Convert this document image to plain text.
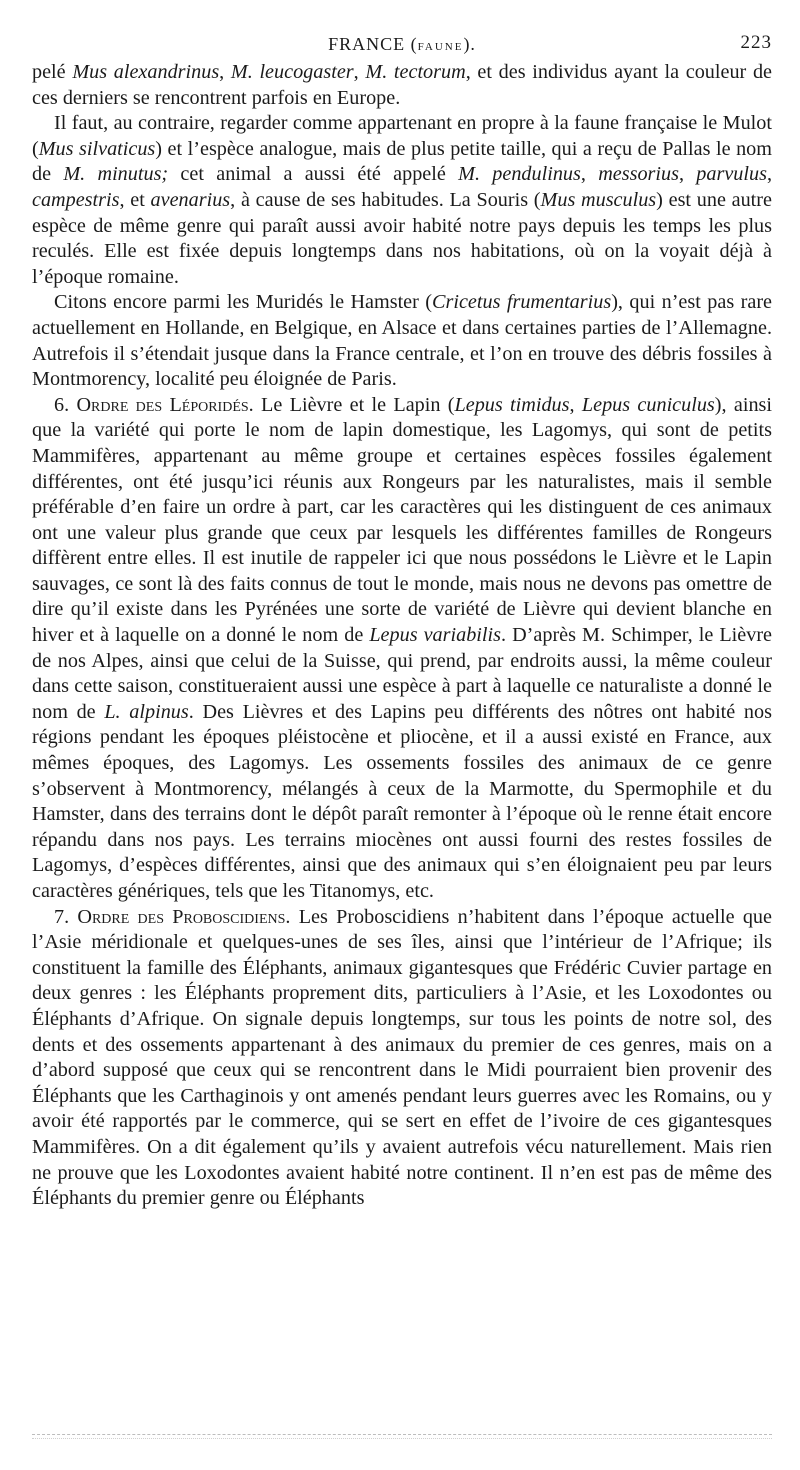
FRANCE (faune).	223

pelé Mus alexandrinus, M. leucogaster, M. tectorum, et des individus ayant la couleur de ces derniers se rencontrent parfois en Europe.

Il faut, au contraire, regarder comme appartenant en propre à la faune française le Mulot (Mus silvaticus) et l’espèce analogue, mais de plus petite taille, qui a reçu de Pallas le nom de M. minutus; cet animal a aussi été appelé M. pendulinus, messorius, parvulus, campestris, et avenarius, à cause de ses habitudes. La Souris (Mus musculus) est une autre espèce de même genre qui paraît aussi avoir habité notre pays depuis les temps les plus reculés. Elle est fixée depuis longtemps dans nos habitations, où on la voyait déjà à l’époque romaine.

Citons encore parmi les Muridés le Hamster (Cricetus frumentarius), qui n’est pas rare actuellement en Hollande, en Belgique, en Alsace et dans certaines parties de l’Allemagne. Autrefois il s’étendait jusque dans la France centrale, et l’on en trouve des débris fossiles à Montmorency, localité peu éloignée de Paris.

6. Ordre des Léporidés. Le Lièvre et le Lapin (Lepus timidus, Lepus cuniculus), ainsi que la variété qui porte le nom de lapin domestique, les Lagomys, qui sont de petits Mammifères, appartenant au même groupe et certaines espèces fossiles également différentes, ont été jusqu’ici réunis aux Rongeurs par les naturalistes, mais il semble préférable d’en faire un ordre à part, car les caractères qui les distinguent de ces animaux ont une valeur plus grande que ceux par lesquels les différentes familles de Rongeurs diffèrent entre elles. Il est inutile de rappeler ici que nous possédons le Lièvre et le Lapin sauvages, ce sont là des faits connus de tout le monde, mais nous ne devons pas omettre de dire qu’il existe dans les Pyrénées une sorte de variété de Lièvre qui devient blanche en hiver et à laquelle on a donné le nom de Lepus variabilis. D’après M. Schimper, le Lièvre de nos Alpes, ainsi que celui de la Suisse, qui prend, par endroits aussi, la même couleur dans cette saison, constitueraient aussi une espèce à part à laquelle ce naturaliste a donné le nom de L. alpinus. Des Lièvres et des Lapins peu différents des nôtres ont habité nos régions pendant les époques pléistocène et pliocène, et il a aussi existé en France, aux mêmes époques, des Lagomys. Les ossements fossiles des animaux de ce genre s’observent à Montmorency, mélangés à ceux de la Marmotte, du Spermophile et du Hamster, dans des terrains dont le dépôt paraît remonter à l’époque où le renne était encore répandu dans nos pays. Les terrains miocènes ont aussi fourni des restes fossiles de Lagomys, d’espèces différentes, ainsi que des animaux qui s’en éloignaient peu par leurs caractères génériques, tels que les Titanomys, etc.

7. Ordre des Proboscidiens. Les Proboscidiens n’habitent dans l’époque actuelle que l’Asie méridionale et quelques-unes de ses îles, ainsi que l’intérieur de l’Afrique; ils constituent la famille des Éléphants, animaux gigantesques que Frédéric Cuvier partage en deux genres : les Éléphants proprement dits, particuliers à l’Asie, et les Loxodontes ou Éléphants d’Afrique. On signale depuis longtemps, sur tous les points de notre sol, des dents et des ossements appartenant à des animaux du premier de ces genres, mais on a d’abord supposé que ceux qui se rencontrent dans le Midi pourraient bien provenir des Éléphants que les Carthaginois y ont amenés pendant leurs guerres avec les Romains, ou y avoir été rapportés par le commerce, qui se sert en effet de l’ivoire de ces gigantesques Mammifères. On a dit également qu’ils y avaient autrefois vécu naturellement. Mais rien ne prouve que les Loxodontes avaient habité notre continent. Il n’en est pas de même des Éléphants du premier genre ou Éléphants
